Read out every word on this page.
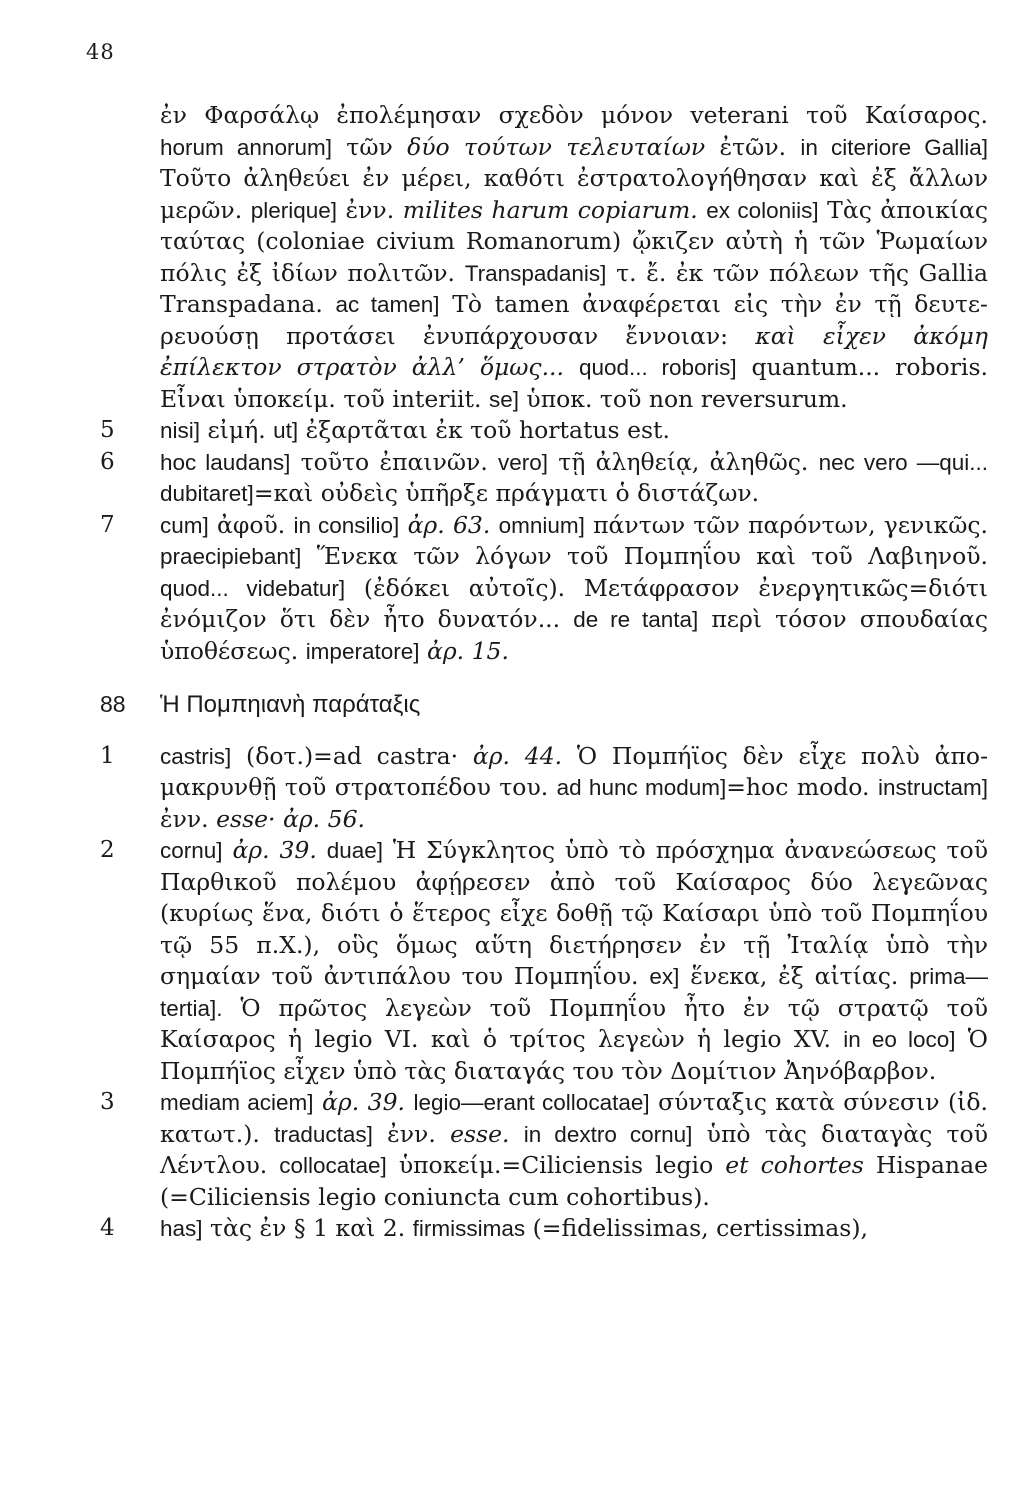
48
ἐν Φαρσάλῳ ἐπολέμησαν σχεδὸν μόνον veterani τοῦ Καίσαρος. horum annorum] τῶν δύο τούτων τελευταίων ἐτῶν. in citeriore Gallia] Τοῦτο ἀληθεύει ἐν μέρει, καθότι ἐστρατολογήθησαν καὶ ἐξ ἄλλων μερῶν. plerique] ἐνν. milites harum copiarum. ex coloniis] Τὰς ἀποικίας ταύτας (coloniae civium Romanorum) ᾤκιζεν αὐτὴ ἡ τῶν Ῥωμαίων πόλις ἐξ ἰδίων πολιτῶν. Transpadanis] τ. ἔ. ἐκ τῶν πόλεων τῆς Gallia Transpadana. ac tamen] Τὸ tamen ἀναφέρεται εἰς τὴν ἐν τῇ δευτερευούσῃ προτάσει ἐνυπάρχουσαν ἔννοιαν: καὶ εἶχεν ἀκόμη ἐπίλεκτον στρατὸν ἀλλ’ ὅμως... quod... roboris] quantum... roboris. Εἶναι ὑποκείμ. τοῦ interiit. se] ὑποκ. τοῦ non reversurum.
5	nisi] εἰμή. ut] ἐξαρτᾶται ἐκ τοῦ hortatus est.
6	hoc laudans] τοῦτο ἐπαινῶν. vero] τῇ ἀληθείᾳ, ἀληθῶς. nec vero —qui... dubitaret]=καὶ οὐδεὶς ὑπῆρξε πράγματι ὁ διστάζων.
7	cum] ἀφοῦ. in consilio] ἀρ. 63. omnium] πάντων τῶν παρόντων, γενικῶς. praecipiebant] Ἕνεκα τῶν λόγων τοῦ Πομπηΐου καὶ τοῦ Λαβιηνοῦ. quod... videbatur] (ἐδόκει αὐτοῖς). Μετάφρασον ἐνεργητικῶς=διότι ἐνόμιζον ὅτι δὲν ἦτο δυνατόν... de re tanta] περὶ τόσον σπουδαίας ὑποθέσεως. imperatore] ἀρ. 15.
88	Ἡ Πομπηιανὴ παράταξις
1	castris] (δοτ.)=ad castra· ἀρ. 44. Ὁ Πομπήϊος δὲν εἶχε πολὺ ἀπομακρυνθῇ τοῦ στρατοπέδου του. ad hunc modum]=hoc modo. instructam] ἐνν. esse· ἀρ. 56.
2	cornu] ἀρ. 39. duae] Ἡ Σύγκλητος ὑπὸ τὸ πρόσχημα ἀνανεώσεως τοῦ Παρθικοῦ πολέμου ἀφῄρεσεν ἀπὸ τοῦ Καίσαρος δύο λεγεῶνας (κυρίως ἕνα, διότι ὁ ἕτερος εἶχε δοθῇ τῷ Καίσαρι ὑπὸ τοῦ Πομπηΐου τῷ 55 π.Χ.), οὓς ὅμως αὕτη διετήρησεν ἐν τῇ Ἰταλίᾳ ὑπὸ τὴν σημαίαν τοῦ ἀντιπάλου του Πομπηΐου. ex] ἕνεκα, ἐξ αἰτίας. prima—tertia]. Ὁ πρῶτος λεγεὼν τοῦ Πομπηΐου ἦτο ἐν τῷ στρατῷ τοῦ Καίσαρος ἡ legio VI. καὶ ὁ τρίτος λεγεὼν ἡ legio XV. in eo loco] Ὁ Πομπήϊος εἶχεν ὑπὸ τὰς διαταγάς του τὸν Δομίτιον Ἀηνόβαρβον.
3	mediam aciem] ἀρ. 39. legio—erant collocatae] σύνταξις κατὰ σύνεσιν (ἰδ. κατωτ.). traductas] ἐνν. esse. in dextro cornu] ὑπὸ τὰς διαταγὰς τοῦ Λέντλου. collocatae] ὑποκείμ.=Ciliciensis legio et cohortes Hispanae (=Ciliciensis legio coniuncta cum cohortibus).
4	has] τὰς ἐν § 1 καὶ 2. firmissimas (=fidelissimas, certissimas),
